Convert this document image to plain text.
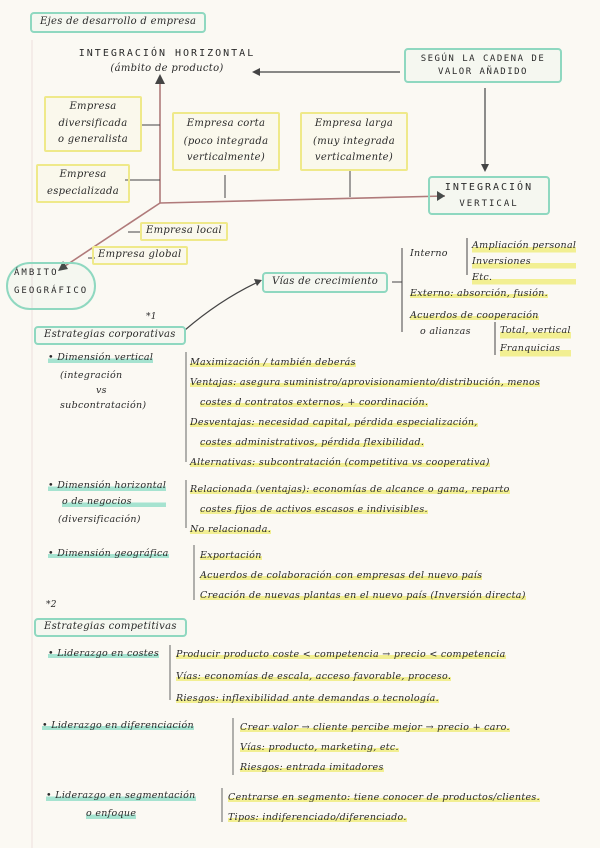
Ejes de desarrollo d empresa
INTEGRACIÓN HORIZONTAL
(ámbito de producto)
SEGÚN LA CADENA DE
VALOR AÑADIDO
Empresa
diversificada
o generalista
Empresa
especializada
Empresa corta
(poco integrada
verticalmente)
Empresa larga
(muy integrada
verticalmente)
INTEGRACIÓN
VERTICAL
Empresa local
Empresa global
ÁMBITO
GEOGRÁFICO
Vías de crecimiento
Interno
Ampliación personal
Inversiones
Etc.
Externo: absorción, fusión.
Acuerdos de cooperación
o alianzas	Total, vertical
Franquicias
*1
Estrategias corporativas
• Dimensión vertical
(integración
vs
subcontratación)
Maximización / también deberás
Ventajas: asegura suministro/aprovisionamiento/distribución, menos
costes d contratos externos, + coordinación.
Desventajas: necesidad capital, pérdida especialización,
costes administrativos, pérdida flexibilidad.
Alternativas: subcontratación (competitiva vs cooperativa)
• Dimensión horizontal
o de negocios
(diversificación)
Relacionada (ventajas): economías de alcance o gama, reparto
costes fijos de activos escasos e indivisibles.
No relacionada.
• Dimensión geográfica	Exportación
Acuerdos de colaboración con empresas del nuevo país
Creación de nuevas plantas en el nuevo país (Inversión directa)
*2
Estrategias competitivas
• Liderazgo en costes Producir producto coste < competencia → precio < competencia
Vías: economías de escala, acceso favorable, proceso.
Riesgos: inflexibilidad ante demandas o tecnología.
• Liderazgo en diferenciación	Crear valor → cliente percibe mejor → precio + caro.
Vías: producto, marketing, etc.
Riesgos: entrada imitadores
• Liderazgo en segmentación
o enfoque
Centrarse en segmento: tiene conocer de productos/clientes.
Tipos: indiferenciado/diferenciado.
